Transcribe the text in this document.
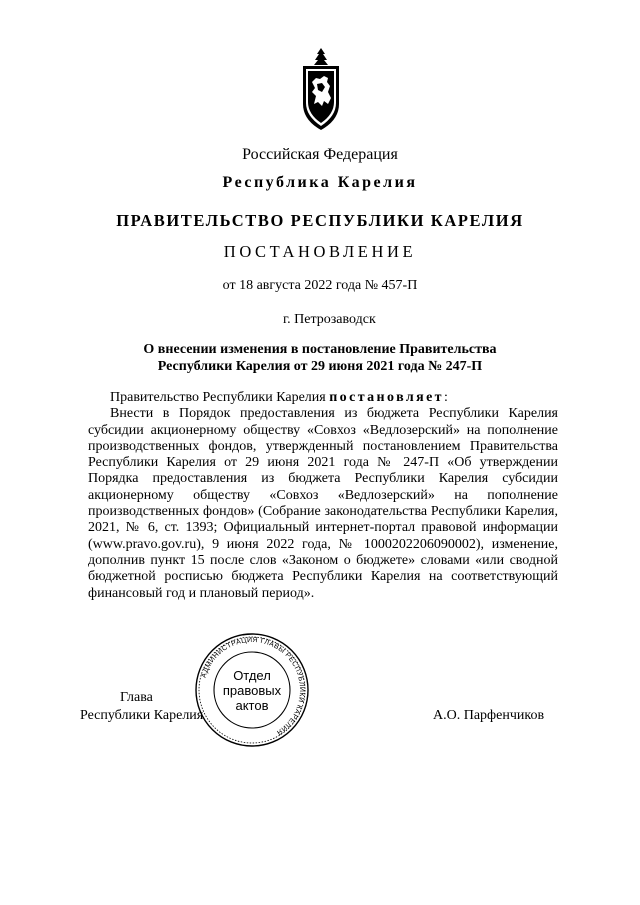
Российская Федерация
Республика Карелия
ПРАВИТЕЛЬСТВО РЕСПУБЛИКИ КАРЕЛИЯ
ПОСТАНОВЛЕНИЕ
от 18 августа 2022 года № 457-П
г. Петрозаводск
О внесении изменения в постановление Правительства
Республики Карелия от 29 июня 2021 года № 247-П
Правительство Республики Карелия постановляет:

Внести в Порядок предоставления из бюджета Республики Карелия субсидии акционерному обществу «Совхоз «Ведлозерский» на пополнение производственных фондов, утвержденный постановлением Правительства Республики Карелия от 29 июня 2021 года № 247-П «Об утверждении Порядка предоставления из бюджета Республики Карелия субсидии акционерному обществу «Совхоз «Ведлозерский» на пополнение производственных фондов» (Собрание законодательства Республики Карелия, 2021, № 6, ст. 1393; Официальный интернет-портал правовой информации (www.pravo.gov.ru), 9 июня 2022 года, № 1000202206090002), изменение, дополнив пункт 15 после слов «Законом о бюджете» словами «или сводной бюджетной росписью бюджета Республики Карелия на соответствующий финансовый год и плановый период».

Глава
Республики Карелия	А.О. Парфенчиков
АДМИНИСТРАЦИЯ ГЛАВЫ РЕСПУБЛИКИ КАРЕЛИЯ
Отдел
правовых
актов
